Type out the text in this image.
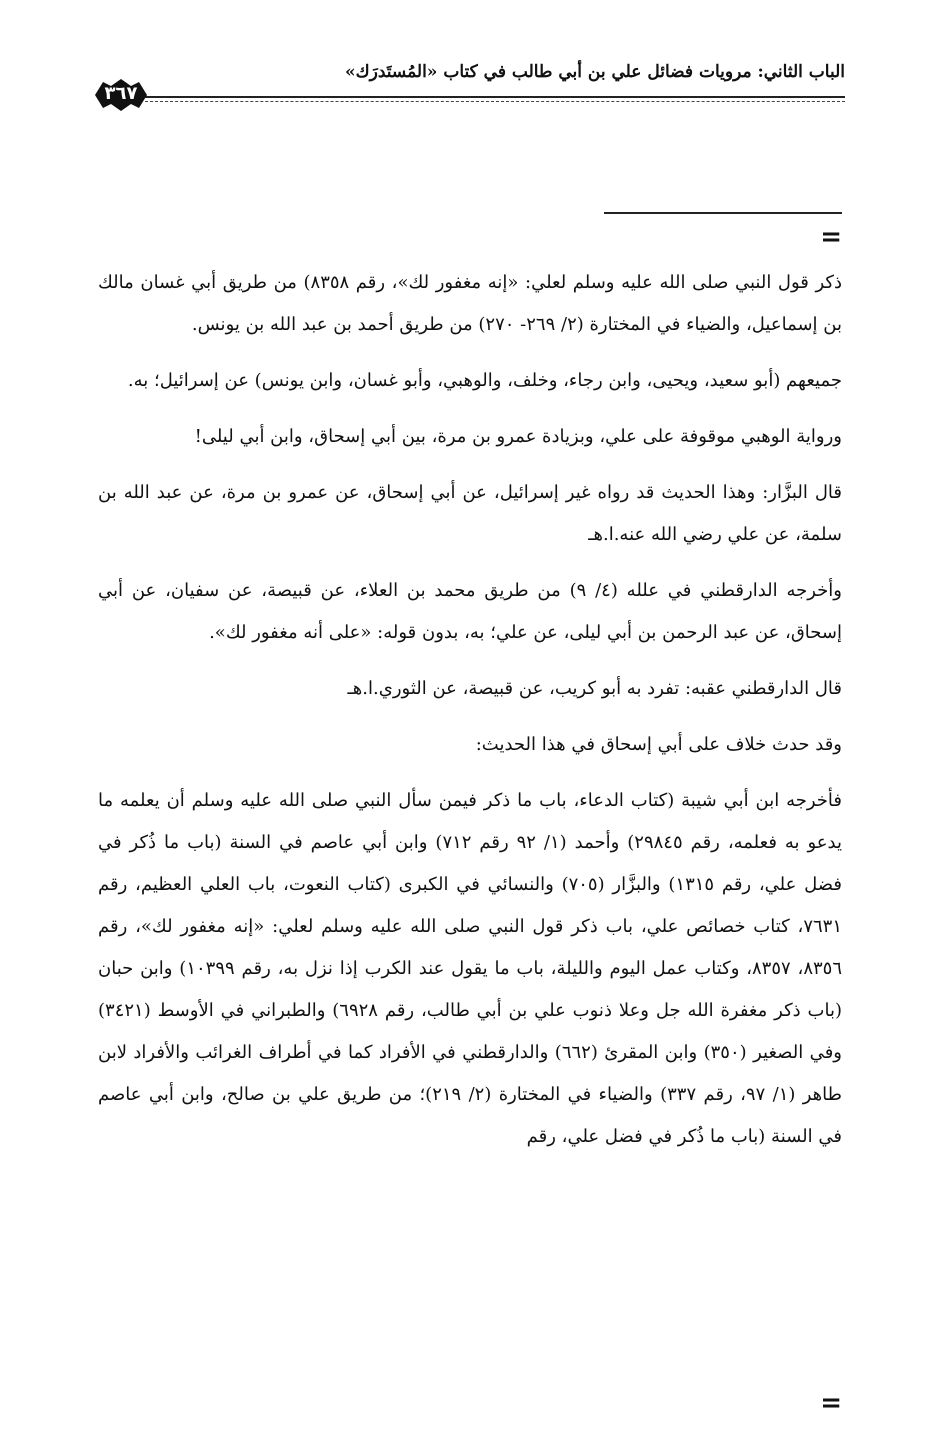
الباب الثاني: مرويات فضائل علي بن أبي طالب في كتاب «المُستَدرَك»
٣٦٧
=

ذكر قول النبي صلى الله عليه وسلم لعلي: «إنه مغفور لك»، رقم ٨٣٥٨) من طريق أبي غسان مالك بن إسماعيل، والضياء في المختارة (٢/ ٢٦٩- ٢٧٠) من طريق أحمد بن عبد الله بن يونس.

جميعهم (أبو سعيد، ويحيى، وابن رجاء، وخلف، والوهبي، وأبو غسان، وابن يونس) عن إسرائيل؛ به.

ورواية الوهبي موقوفة على علي، وبزيادة عمرو بن مرة، بين أبي إسحاق، وابن أبي ليلى!

قال البزَّار: وهذا الحديث قد رواه غير إسرائيل، عن أبي إسحاق، عن عمرو بن مرة، عن عبد الله بن سلمة، عن علي رضي الله عنه.ا.هـ

وأخرجه الدارقطني في علله (٤/ ٩) من طريق محمد بن العلاء، عن قبيصة، عن سفيان، عن أبي إسحاق، عن عبد الرحمن بن أبي ليلى، عن علي؛ به، بدون قوله: «على أنه مغفور لك».

قال الدارقطني عقبه: تفرد به أبو كريب، عن قبيصة، عن الثوري.ا.هـ

وقد حدث خلاف على أبي إسحاق في هذا الحديث:

فأخرجه ابن أبي شيبة (كتاب الدعاء، باب ما ذكر فيمن سأل النبي صلى الله عليه وسلم أن يعلمه ما يدعو به فعلمه، رقم ٢٩٨٤٥) وأحمد (١/ ٩٢ رقم ٧١٢) وابن أبي عاصم في السنة (باب ما ذُكر في فضل علي، رقم ١٣١٥) والبزَّار (٧٠٥) والنسائي في الكبرى (كتاب النعوت، باب العلي العظيم، رقم ٧٦٣١، كتاب خصائص علي، باب ذكر قول النبي صلى الله عليه وسلم لعلي: «إنه مغفور لك»، رقم ٨٣٥٦، ٨٣٥٧، وكتاب عمل اليوم والليلة، باب ما يقول عند الكرب إذا نزل به، رقم ١٠٣٩٩) وابن حبان (باب ذكر مغفرة الله جل وعلا ذنوب علي بن أبي طالب، رقم ٦٩٢٨) والطبراني في الأوسط (٣٤٢١) وفي الصغير (٣٥٠) وابن المقرئ (٦٦٢) والدارقطني في الأفراد كما في أطراف الغرائب والأفراد لابن طاهر (١/ ٩٧، رقم ٣٣٧) والضياء في المختارة (٢/ ٢١٩)؛ من طريق علي بن صالح، وابن أبي عاصم في السنة (باب ما ذُكر في فضل علي، رقم

=
